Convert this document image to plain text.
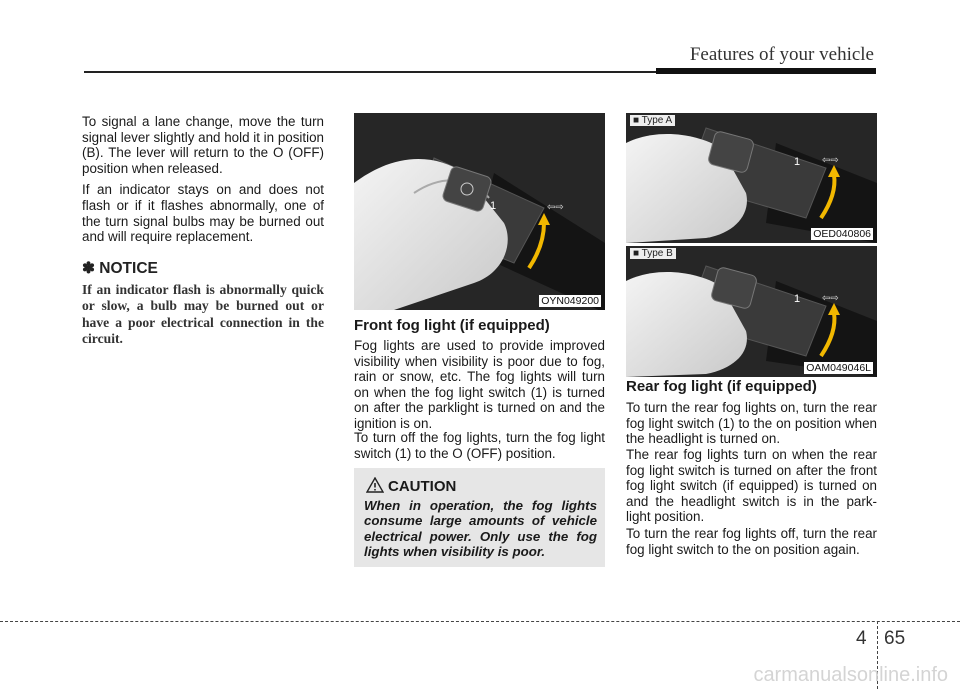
Features of your vehicle

To signal a lane change, move the turn signal lever slightly and hold it in position (B). The lever will return to the O (OFF) position when released.

If an indicator stays on and does not flash or if it flashes abnormally, one of the turn signal bulbs may be burned out and will require replacement.

✽ NOTICE
If an indicator flash is abnormally quick or slow, a bulb may be burned out or have a poor electrical connection in the circuit.
1	⇦⇨
OYN049200
Front fog light (if equipped)

Fog lights are used to provide improved visibility when visibility is poor due to fog, rain or snow, etc. The fog lights will turn on when the fog light switch (1) is turned on after the parklight is turned on and the ignition is on.

To turn off the fog lights, turn the fog light switch (1) to the O (OFF) position.

CAUTION
When in operation, the fog lights consume large amounts of vehicle electrical power. Only use the fog lights when visibility is poor.
1 ⇦⇨
■ Type A
OED040806
1 ⇦⇨
■ Type B
OAM049046L
Rear fog light (if equipped)

To turn the rear fog lights on, turn the rear fog light switch (1) to the on position when the headlight is turned on.

The rear fog lights turn on when the rear fog light switch is turned on after the front fog light switch (if equipped) is turned on and the headlight switch is in the park-light position.

To turn the rear fog lights off, turn the rear fog light switch to the on position again.

4 65
carmanualsonline.info
